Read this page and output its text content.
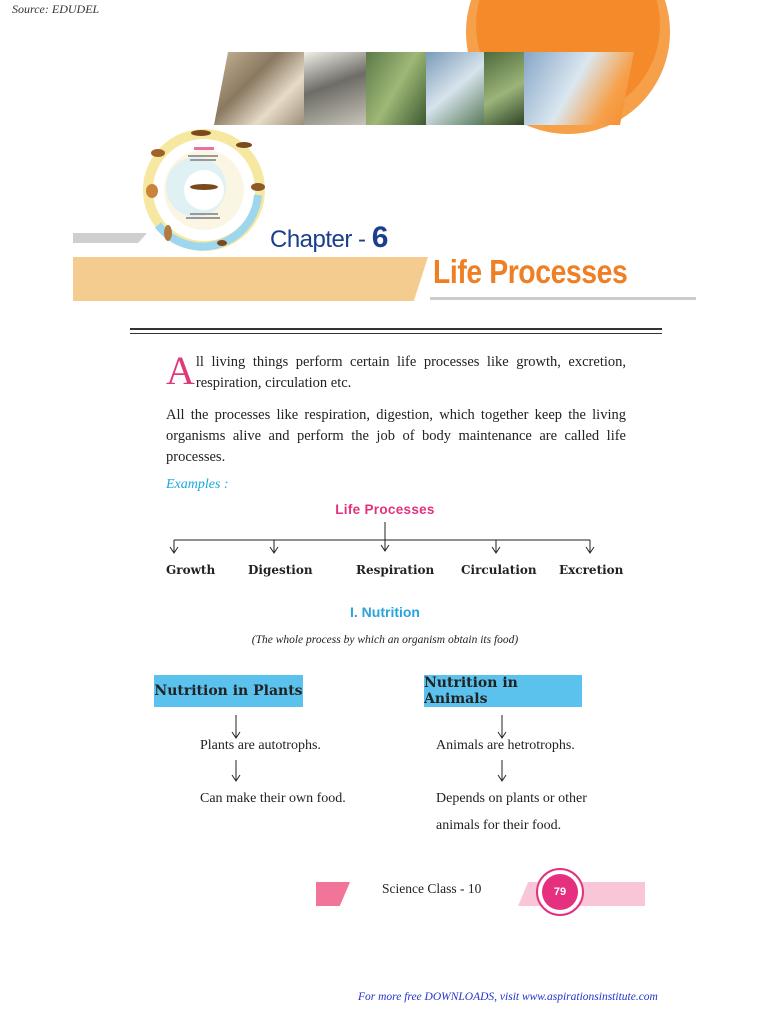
Source: EDUDEL
Chapter - 6
Life Processes
All living things perform certain life processes like growth, excretion, respiration, circulation etc.
All the processes like respiration, digestion, which together keep the living organisms alive and perform the job of body maintenance are called life processes.
Examples :
Life Processes
Growth	Digestion	Respiration Circulation Excretion
I. Nutrition
(The whole process by which an organism obtain its food)
Nutrition in Plants	Nutrition in Animals
Plants are autotrophs.
Can make their own food.
Animals are hetrotrophs.
Depends on plants or other
animals for their food.
Science Class - 10	79
For more free DOWNLOADS, visit www.aspirationsinstitute.com
